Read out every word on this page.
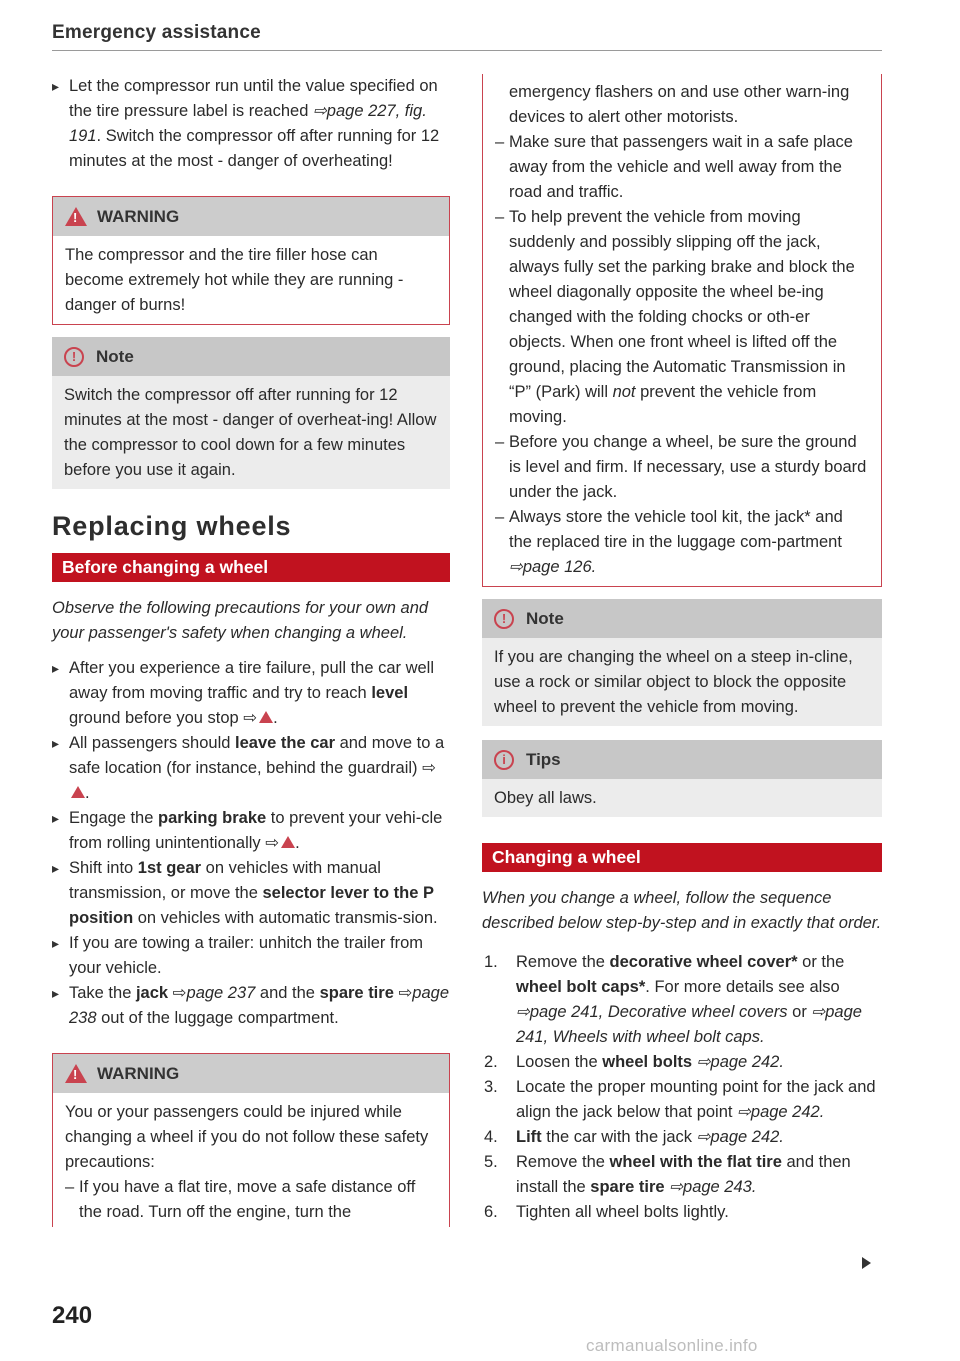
Emergency assistance

▸ Let the compressor run until the value specified on the tire pressure label is reached ⇨page 227, fig. 191. Switch the compressor off after running for 12 minutes at the most - danger of overheating!

!
WARNING
The compressor and the tire filler hose can become extremely hot while they are running - danger of burns!
!	Note
Switch the compressor off after running for 12 minutes at the most - danger of overheat-ing! Allow the compressor to cool down for a few minutes before you use it again.
Replacing wheels
Before changing a wheel

Observe the following precautions for your own and your passenger's safety when changing a wheel.

▸ After you experience a tire failure, pull the car well away from moving traffic and try to reach level ground before you stop ⇨ .

▸ All passengers should leave the car and move to a safe location (for instance, behind the guardrail) ⇨.

▸ Engage the parking brake to prevent your vehi-cle from rolling unintentionally ⇨ .

▸ Shift into 1st gear on vehicles with manual transmission, or move the selector lever to the P position on vehicles with automatic transmis-sion.

▸ If you are towing a trailer: unhitch the trailer from your vehicle.

▸ Take the jack ⇨page 237 and the spare tire ⇨page 238 out of the luggage compartment.

!
WARNING

You or your passengers could be injured while changing a wheel if you do not follow these safety precautions:

– If you have a flat tire, move a safe distance off the road. Turn off the engine, turn the

240

emergency flashers on and use other warn-ing devices to alert other motorists.

– Make sure that passengers wait in a safe place away from the vehicle and well away from the road and traffic.

– To help prevent the vehicle from moving suddenly and possibly slipping off the jack, always fully set the parking brake and block the wheel diagonally opposite the wheel be-ing changed with the folding chocks or oth-er objects. When one front wheel is lifted off the ground, placing the Automatic Transmission in “P” (Park) will not prevent the vehicle from moving.

– Before you change a wheel, be sure the ground is level and firm. If necessary, use a sturdy board under the jack.

– Always store the vehicle tool kit, the jack* and the replaced tire in the luggage com-partment ⇨page 126.

!	Note
If you are changing the wheel on a steep in-cline, use a rock or similar object to block the opposite wheel to prevent the vehicle from moving.
i	Tips
Obey all laws.
Changing a wheel

When you change a wheel, follow the sequence described below step-by-step and in exactly that order.

1. Remove the decorative wheel cover* or the wheel bolt caps*. For more details see also ⇨page 241, Decorative wheel covers or ⇨page 241, Wheels with wheel bolt caps.

2. Loosen the wheel bolts ⇨page 242.

3. Locate the proper mounting point for the jack and align the jack below that point ⇨page 242.

4. Lift the car with the jack ⇨page 242.

5. Remove the wheel with the flat tire and then install the spare tire ⇨page 243.

6. Tighten all wheel bolts lightly.

carmanualsonline.info
